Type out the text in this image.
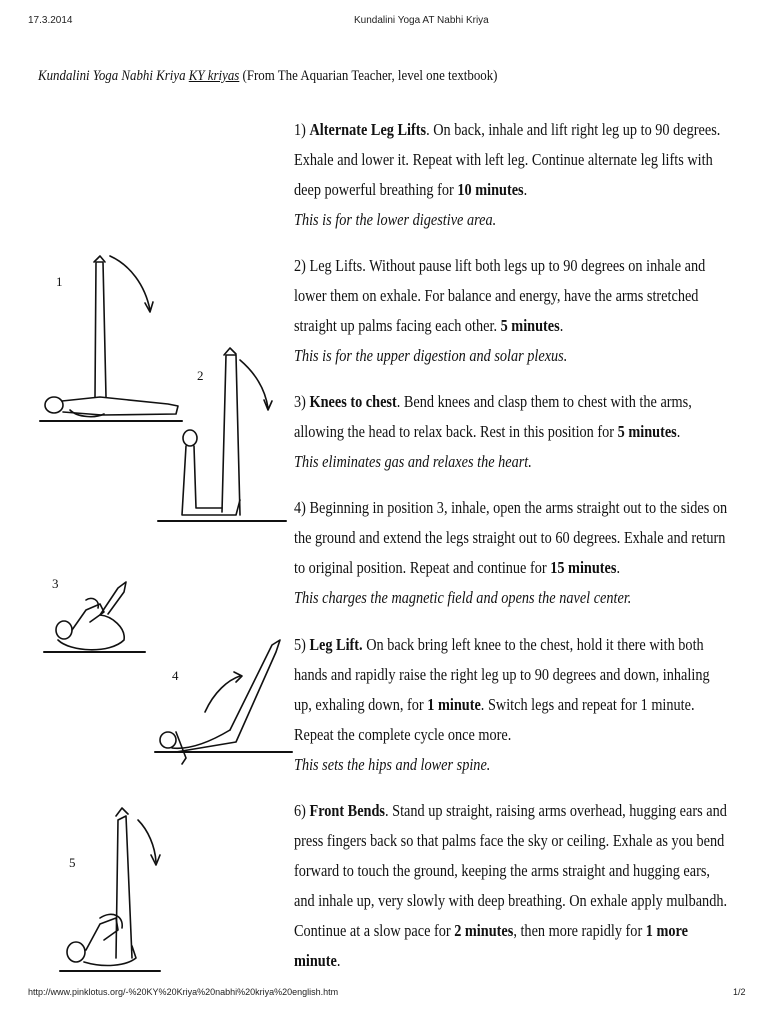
17.3.2014	Kundalini Yoga AT Nabhi Kriya
Kundalini Yoga Nabhi Kriya KY kriyas (From The Aquarian Teacher, level one textbook)
1
2
3
4
5

1) Alternate Leg Lifts. On back, inhale and lift right leg up to 90 degrees. Exhale and lower it. Repeat with left leg. Continue alternate leg lifts with deep powerful breathing for 10 minutes.

This is for the lower digestive area.

2) Leg Lifts. Without pause lift both legs up to 90 degrees on inhale and lower them on exhale. For balance and energy, have the arms stretched straight up palms facing each other. 5 minutes.

This is for the upper digestion and solar plexus.

3) Knees to chest. Bend knees and clasp them to chest with the arms, allowing the head to relax back. Rest in this position for 5 minutes.

This eliminates gas and relaxes the heart.

4) Beginning in position 3, inhale, open the arms straight out to the sides on the ground and extend the legs straight out to 60 degrees. Exhale and return to original position. Repeat and continue for 15 minutes.

This charges the magnetic field and opens the navel center.

5) Leg Lift. On back bring left knee to the chest, hold it there with both hands and rapidly raise the right leg up to 90 degrees and down, inhaling up, exhaling down, for 1 minute. Switch legs and repeat for 1 minute. Repeat the complete cycle once more.

This sets the hips and lower spine.

6) Front Bends. Stand up straight, raising arms overhead, hugging ears and press fingers back so that palms face the sky or ceiling. Exhale as you bend forward to touch the ground, keeping the arms straight and hugging ears, and inhale up, very slowly with deep breathing. On exhale apply mulbandh. Continue at a slow pace for 2 minutes, then more rapidly for 1 more minute.

http://www.pinklotus.org/-%20KY%20Kriya%20nabhi%20kriya%20english.htm	1/2
